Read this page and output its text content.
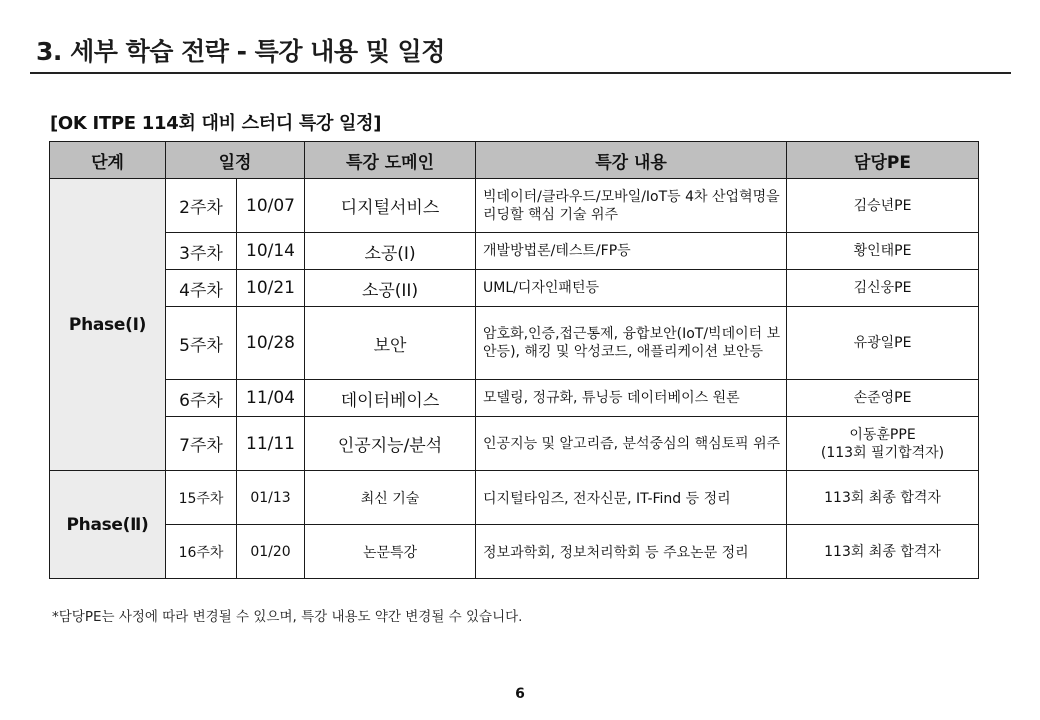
3. 세부 학습 전략 - 특강 내용 및 일정
[OK ITPE 114회 대비 스터디 특강 일정]
단계	일정		특강 도메인	특강 내용	담당PE
Phase(Ⅰ)	2주차	10/07	디지털서비스	빅데이터/클라우드/모바일/IoT등 4차 산업혁명을 리딩할 핵심 기술 위주	김승년PE
	3주차	10/14	소공(I)	개발방법론/테스트/FP등	황인태PE
	4주차	10/21	소공(II)	UML/디자인패턴등	김신웅PE
	5주차	10/28	보안	암호화,인증,접근통제, 융합보안(IoT/빅데이터 보안등), 해킹 및 악성코드, 애플리케이션 보안등	유광일PE
	6주차	11/04	데이터베이스	모델링, 정규화, 튜닝등 데이터베이스 원론	손준영PE
	7주차	11/11	인공지능/분석	인공지능 및 알고리즘, 분석중심의 핵심토픽 위주	이동훈PPE
(113회 필기합격자)

Phase(Ⅱ)	15주차	01/13	최신 기술	디지털타임즈, 전자신문, IT-Find 등 정리	113회 최종 합격자
	16주차	01/20	논문특강	정보과학회, 정보처리학회 등 주요논문 정리	113회 최종 합격자
*담당PE는 사정에 따라 변경될 수 있으며, 특강 내용도 약간 변경될 수 있습니다.
6
